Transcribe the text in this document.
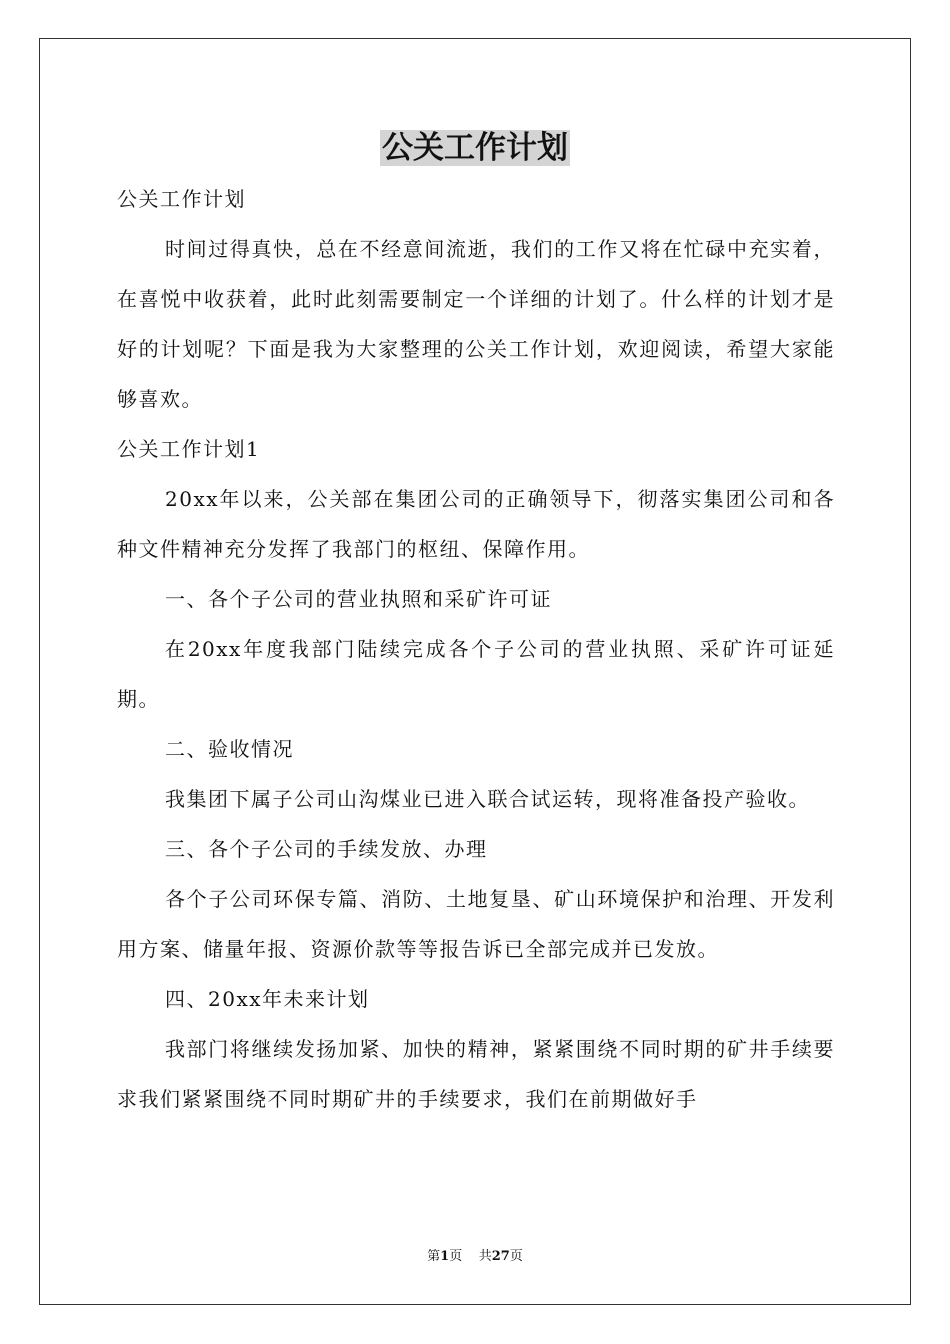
公关工作计划

公关工作计划

时间过得真快，总在不经意间流逝，我们的工作又将在忙碌中充实着，在喜悦中收获着，此时此刻需要制定一个详细的计划了。什么样的计划才是好的计划呢？下面是我为大家整理的公关工作计划，欢迎阅读，希望大家能够喜欢。

公关工作计划1

20xx年以来，公关部在集团公司的正确领导下，彻落实集团公司和各种文件精神充分发挥了我部门的枢纽、保障作用。

一、各个子公司的营业执照和采矿许可证

在20xx年度我部门陆续完成各个子公司的营业执照、采矿许可证延期。

二、验收情况

我集团下属子公司山沟煤业已进入联合试运转，现将准备投产验收。

三、各个子公司的手续发放、办理

各个子公司环保专篇、消防、土地复垦、矿山环境保护和治理、开发利用方案、储量年报、资源价款等等报告诉已全部完成并已发放。

四、20xx年未来计划

我部门将继续发扬加紧、加快的精神，紧紧围绕不同时期的矿井手续要求我们紧紧围绕不同时期矿井的手续要求，我们在前期做好手

第1页 共27页
